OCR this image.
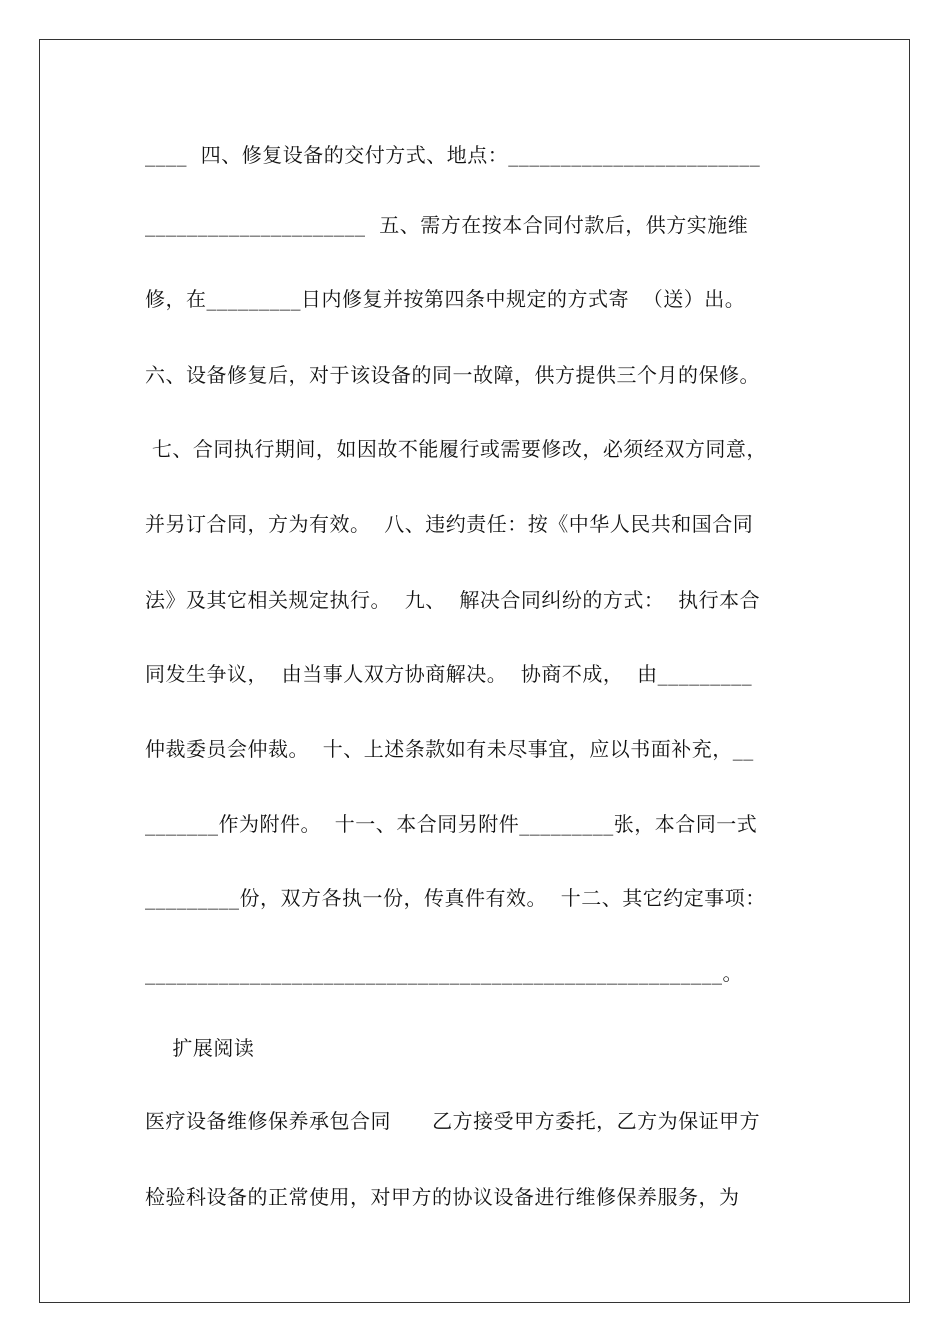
____  四、修复设备的交付方式、地点：________________________
_____________________  五、需方在按本合同付款后，供方实施维
修，在_________日内修复并按第四条中规定的方式寄  （送）出。
六、设备修复后，对于该设备的同一故障，供方提供三个月的保修。
七、合同执行期间，如因故不能履行或需要修改，必须经双方同意，
并另订合同，方为有效。  八、违约责任：按《中华人民共和国合同
法》及其它相关规定执行。  九、  解决合同纠纷的方式：  执行本合
同发生争议，  由当事人双方协商解决。  协商不成，  由_________
仲裁委员会仲裁。  十、上述条款如有未尽事宜，应以书面补充，__
_______作为附件。  十一、本合同另附件_________张，本合同一式
_________份，双方各执一份，传真件有效。  十二、其它约定事项：
_______________________________________________________。
扩展阅读
医疗设备维修保养承包合同      乙方接受甲方委托，乙方为保证甲方
检验科设备的正常使用，对甲方的协议设备进行维修保养服务，为
